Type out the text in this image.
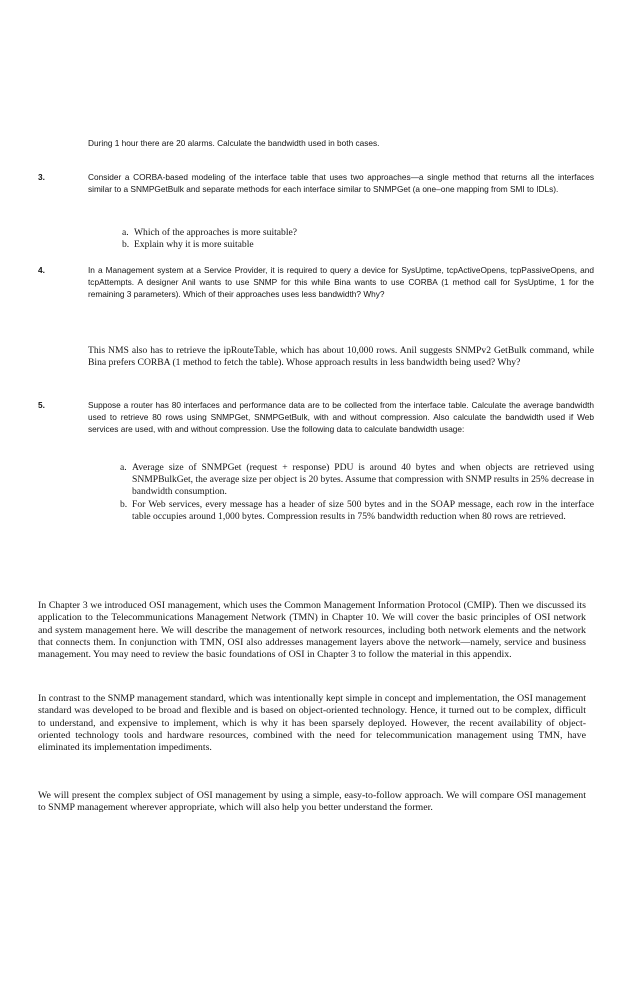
During 1 hour there are 20 alarms. Calculate the bandwidth used in both cases.
3.	Consider a CORBA-based modeling of the interface table that uses two approaches—a single method that returns all the interfaces similar to a SNMPGetBulk and separate methods for each interface similar to SNMPGet (a one–one mapping from SMI to IDLs).
a. Which of the approaches is more suitable?
b. Explain why it is more suitable
4.	In a Management system at a Service Provider, it is required to query a device for SysUptime, tcpActiveOpens, tcpPassiveOpens, and tcpAttempts. A designer Anil wants to use SNMP for this while Bina wants to use CORBA (1 method call for SysUptime, 1 for the remaining 3 parameters). Which of their approaches uses less bandwidth? Why?
This NMS also has to retrieve the ipRouteTable, which has about 10,000 rows. Anil suggests SNMPv2 GetBulk command, while Bina prefers CORBA (1 method to fetch the table). Whose approach results in less bandwidth being used? Why?
5.	Suppose a router has 80 interfaces and performance data are to be collected from the interface table. Calculate the average bandwidth used to retrieve 80 rows using SNMPGet, SNMPGetBulk, with and without compression. Also calculate the bandwidth used if Web services are used, with and without compression. Use the following data to calculate bandwidth usage:
a. Average size of SNMPGet (request + response) PDU is around 40 bytes and when objects are retrieved using SNMPBulkGet, the average size per object is 20 bytes. Assume that compression with SNMP results in 25% decrease in bandwidth consumption.
b. For Web services, every message has a header of size 500 bytes and in the SOAP message, each row in the interface table occupies around 1,000 bytes. Compression results in 75% bandwidth reduction when 80 rows are retrieved.
In Chapter 3 we introduced OSI management, which uses the Common Management Information Protocol (CMIP). Then we discussed its application to the Telecommunications Management Network (TMN) in Chapter 10. We will cover the basic principles of OSI network and system management here. We will describe the management of network resources, including both network elements and the network that connects them. In conjunction with TMN, OSI also addresses management layers above the network—namely, service and business management. You may need to review the basic foundations of OSI in Chapter 3 to follow the material in this appendix.
In contrast to the SNMP management standard, which was intentionally kept simple in concept and implementation, the OSI management standard was developed to be broad and flexible and is based on object-oriented technology. Hence, it turned out to be complex, difficult to understand, and expensive to implement, which is why it has been sparsely deployed. However, the recent availability of object-oriented technology tools and hardware resources, combined with the need for telecommunication management using TMN, have eliminated its implementation impediments.
We will present the complex subject of OSI management by using a simple, easy-to-follow approach. We will compare OSI management to SNMP management wherever appropriate, which will also help you better understand the former.
